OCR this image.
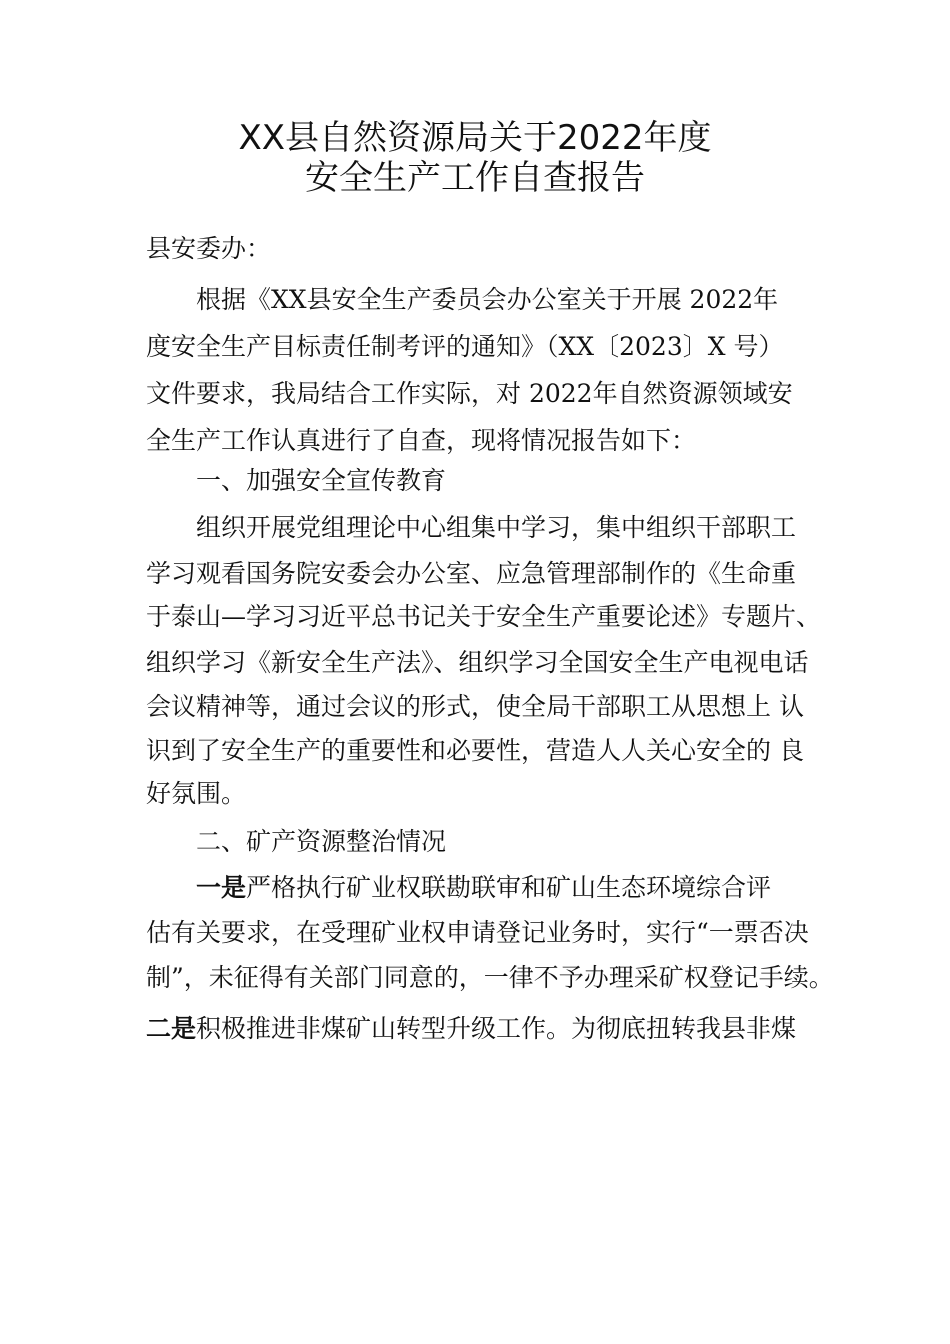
XX县自然资源局关于2022年度
安全生产工作自查报告
县安委办：
根据《XX县安全生产委员会办公室关于开展 2022年
度安全生产目标责任制考评的通知》（XX〔2023〕X 号）
文件要求，我局结合工作实际，对 2022年自然资源领域安
全生产工作认真进行了自查，现将情况报告如下：
一、加强安全宣传教育
组织开展党组理论中心组集中学习，集中组织干部职工
学习观看国务院安委会办公室、应急管理部制作的《生命重
于泰山—学习习近平总书记关于安全生产重要论述》专题片、
组织学习《新安全生产法》、组织学习全国安全生产电视电话
会议精神等，通过会议的形式，使全局干部职工从思想上 认
识到了安全生产的重要性和必要性，营造人人关心安全的 良
好氛围。
二、矿产资源整治情况
一是严格执行矿业权联勘联审和矿山生态环境综合评
估有关要求，在受理矿业权申请登记业务时，实行“一票否决
制”，未征得有关部门同意的，一律不予办理采矿权登记手续。
二是积极推进非煤矿山转型升级工作。为彻底扭转我县非煤
